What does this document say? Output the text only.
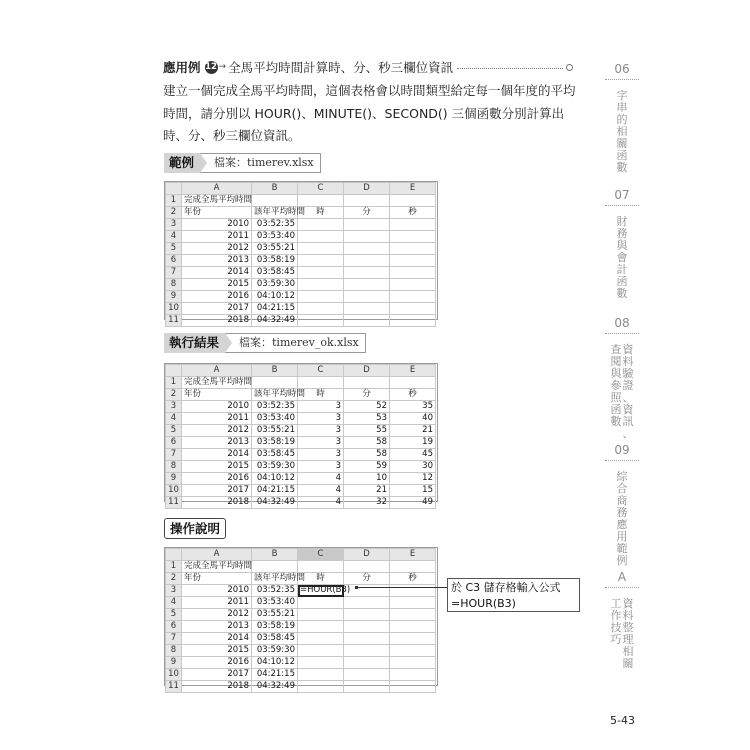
應用例 12 → 全馬平均時間計算時、分、秒三欄位資訊
建立一個完成全馬平均時間，這個表格會以時間類型給定每一個年度的平均時間，請分別以 HOUR()、MINUTE()、SECOND() 三個函數分別計算出時、分、秒三欄位資訊。
範例	檔案：timerev.xlsx
	A	B	C	D	E
1	完成全馬平均時間				
2	年份	該年平均時間	時	分	秒
3	2010	03:52:35			
4	2011	03:53:40			
5	2012	03:55:21			
6	2013	03:58:19			
7	2014	03:58:45			
8	2015	03:59:30			
9	2016	04:10:12			
10	2017	04:21:15			
11	2018	04:32:49			
執行結果	檔案：timerev_ok.xlsx
	A	B	C	D	E
1	完成全馬平均時間				
2	年份	該年平均時間	時	分	秒
3	2010	03:52:35	3	52	35
4	2011	03:53:40	3	53	40
5	2012	03:55:21	3	55	21
6	2013	03:58:19	3	58	19
7	2014	03:58:45	3	58	45
8	2015	03:59:30	3	59	30
9	2016	04:10:12	4	10	12
10	2017	04:21:15	4	21	15
11	2018	04:32:49	4	32	49
操作說明
	A	B	C	D	E
1	完成全馬平均時間				
2	年份	該年平均時間	時	分	秒
3	2010	03:52:35	=HOUR(B3)		
4	2011	03:53:40			
5	2012	03:55:21			
6	2013	03:58:19			
7	2014	03:58:45			
8	2015	03:59:30			
9	2016	04:10:12			
10	2017	04:21:15			
11	2018	04:32:49			
於 C3 儲存格輸入公式
=HOUR(B3)
06
字
串
的
相
關
函
數
07
財
務
與
會
計
函
數
08
查
閱
與
參
照
函
數
資
料
驗
證
、
資
訊
、
09
綜
合
商
務
應
用
範
例
A
工
作
技
巧
資
料
整
理
相
關
5-43
